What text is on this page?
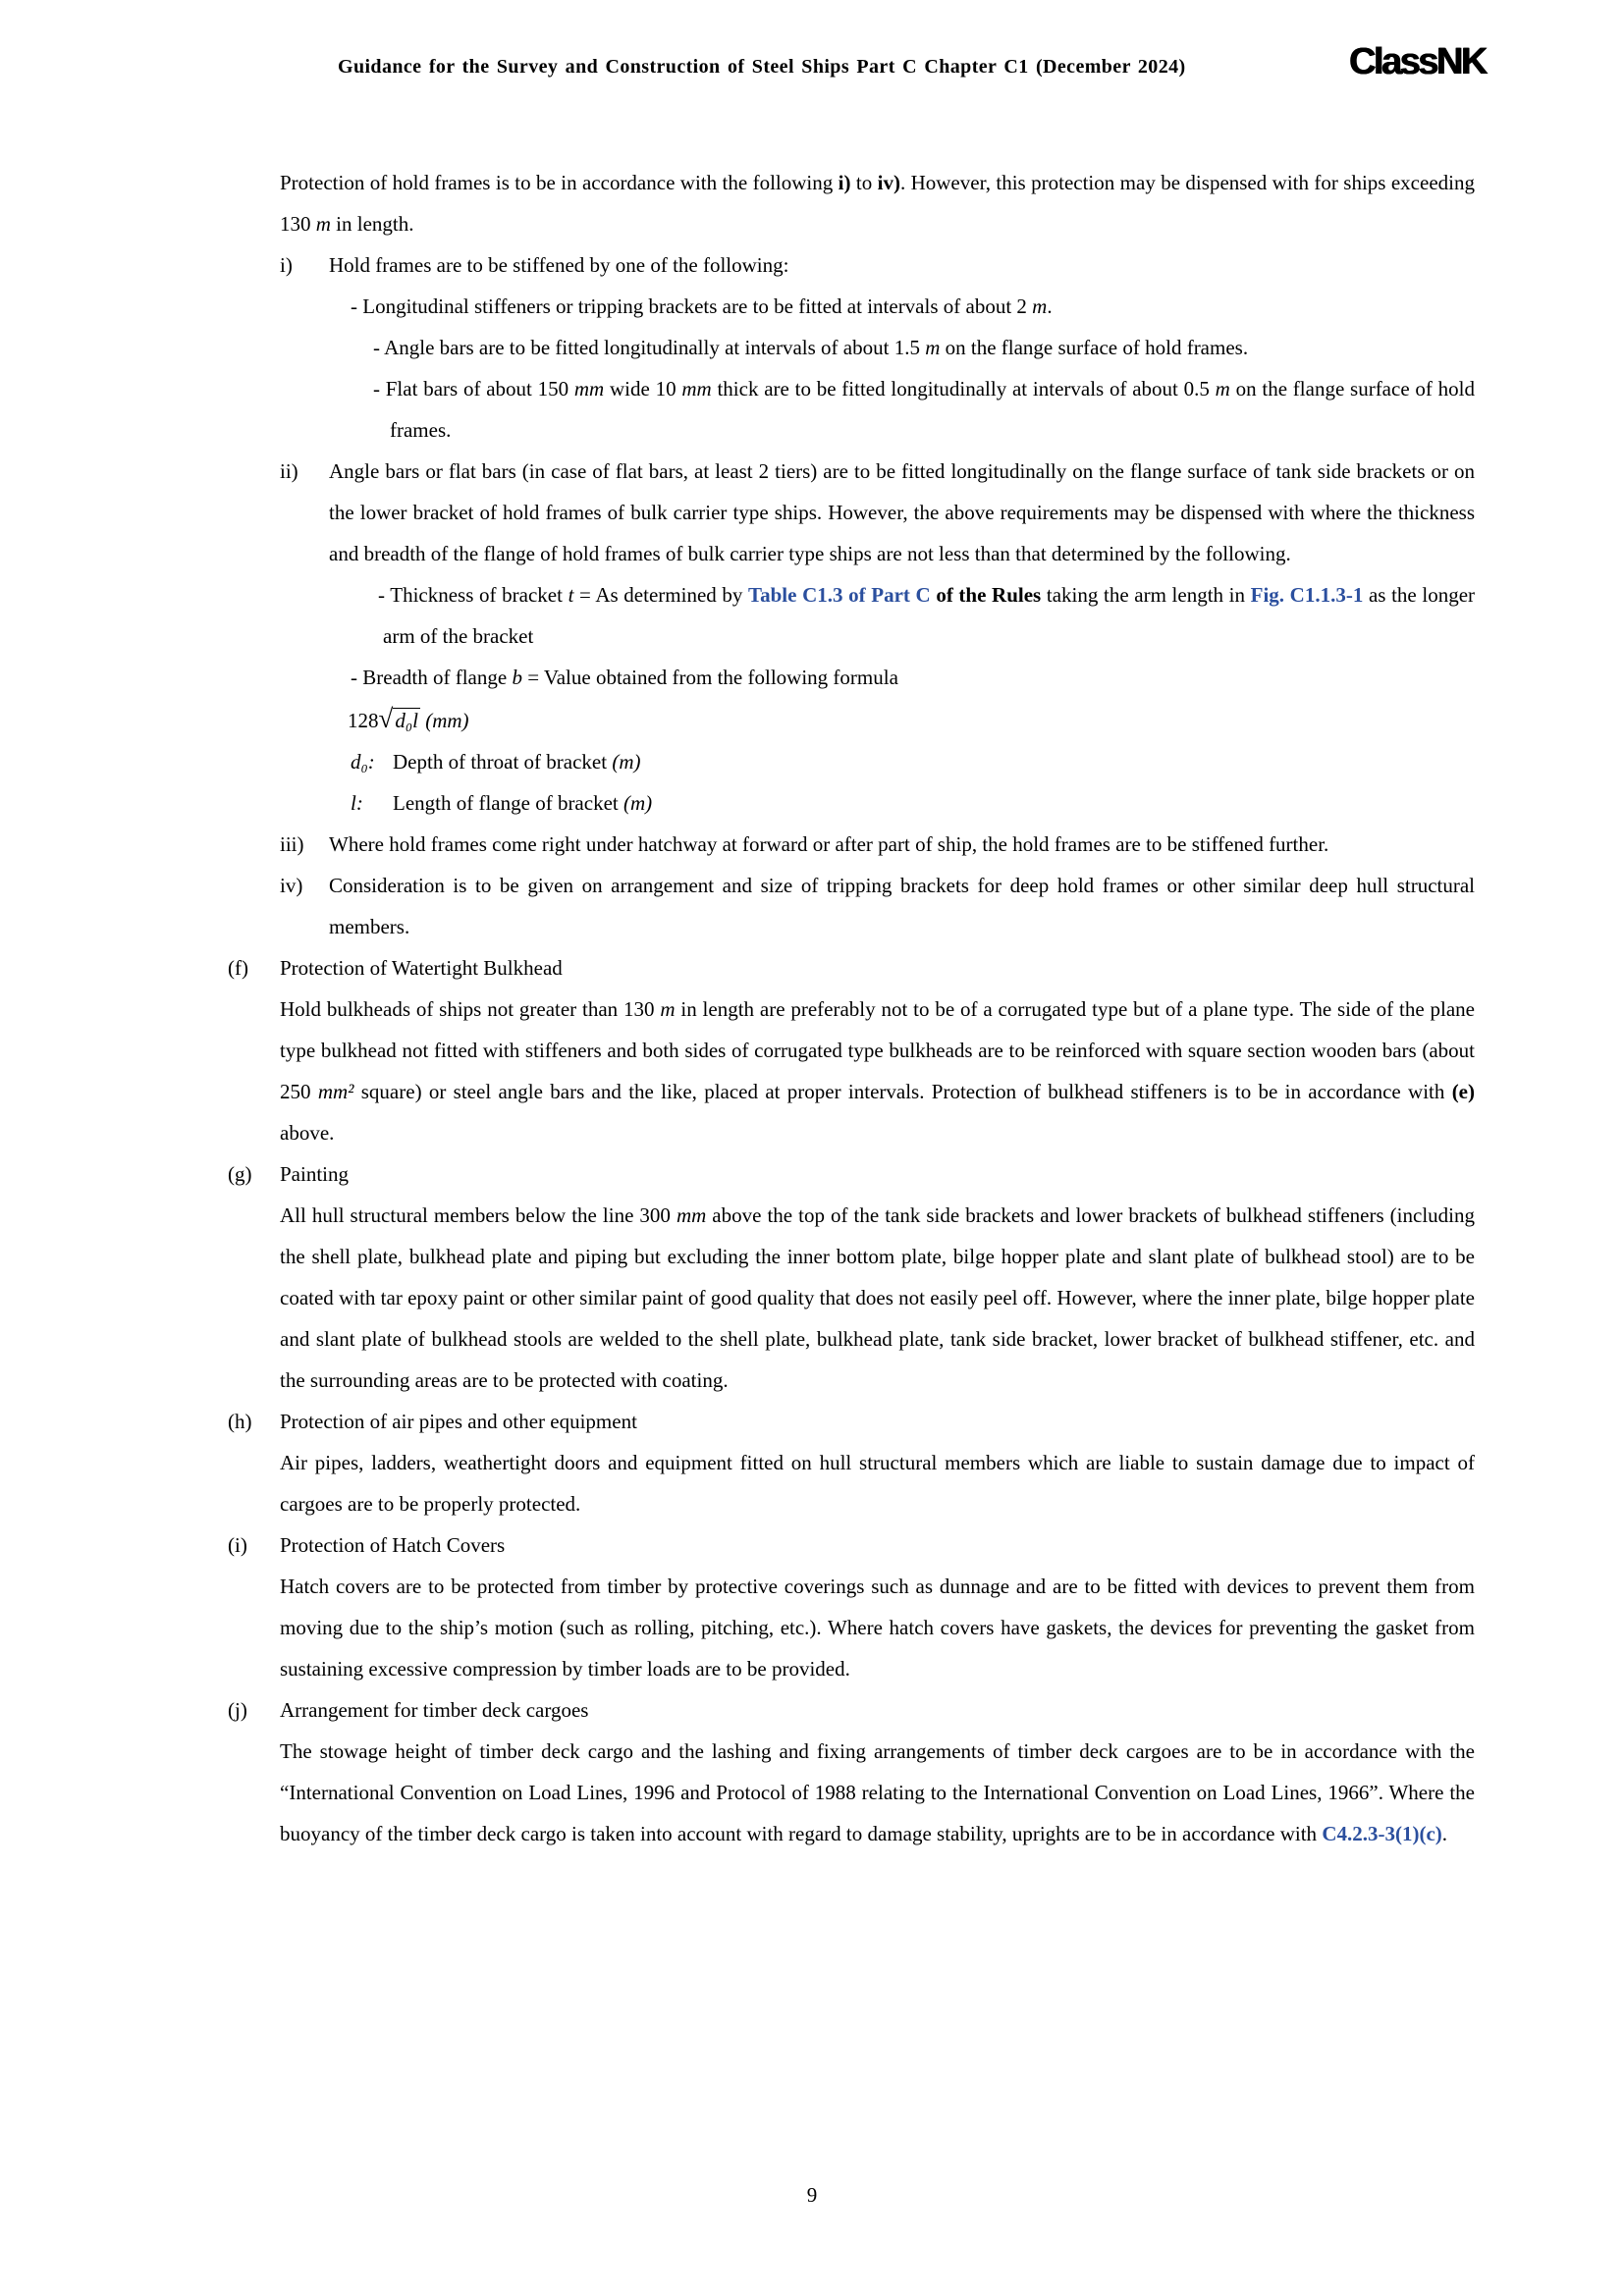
Guidance for the Survey and Construction of Steel Ships Part C Chapter C1 (December 2024)	ClassNK
Protection of hold frames is to be in accordance with the following i) to iv). However, this protection may be dispensed with for ships exceeding 130 m in length.
i) Hold frames are to be stiffened by one of the following:
- Longitudinal stiffeners or tripping brackets are to be fitted at intervals of about 2 m.
- Angle bars are to be fitted longitudinally at intervals of about 1.5 m on the flange surface of hold frames.
- Flat bars of about 150 mm wide 10 mm thick are to be fitted longitudinally at intervals of about 0.5 m on the flange surface of hold frames.
ii) Angle bars or flat bars (in case of flat bars, at least 2 tiers) are to be fitted longitudinally on the flange surface of tank side brackets or on the lower bracket of hold frames of bulk carrier type ships. However, the above requirements may be dispensed with where the thickness and breadth of the flange of hold frames of bulk carrier type ships are not less than that determined by the following.
- Thickness of bracket t = As determined by Table C1.3 of Part C of the Rules taking the arm length in Fig. C1.1.3-1 as the longer arm of the bracket
- Breadth of flange b = Value obtained from the following formula
128√d₀l (mm)
d₀: Depth of throat of bracket (m)
l: Length of flange of bracket (m)
iii) Where hold frames come right under hatchway at forward or after part of ship, the hold frames are to be stiffened further.
iv) Consideration is to be given on arrangement and size of tripping brackets for deep hold frames or other similar deep hull structural members.
(f) Protection of Watertight Bulkhead
Hold bulkheads of ships not greater than 130 m in length are preferably not to be of a corrugated type but of a plane type. The side of the plane type bulkhead not fitted with stiffeners and both sides of corrugated type bulkheads are to be reinforced with square section wooden bars (about 250 mm² square) or steel angle bars and the like, placed at proper intervals. Protection of bulkhead stiffeners is to be in accordance with (e) above.
(g) Painting
All hull structural members below the line 300 mm above the top of the tank side brackets and lower brackets of bulkhead stiffeners (including the shell plate, bulkhead plate and piping but excluding the inner bottom plate, bilge hopper plate and slant plate of bulkhead stool) are to be coated with tar epoxy paint or other similar paint of good quality that does not easily peel off. However, where the inner plate, bilge hopper plate and slant plate of bulkhead stools are welded to the shell plate, bulkhead plate, tank side bracket, lower bracket of bulkhead stiffener, etc. and the surrounding areas are to be protected with coating.
(h) Protection of air pipes and other equipment
Air pipes, ladders, weathertight doors and equipment fitted on hull structural members which are liable to sustain damage due to impact of cargoes are to be properly protected.
(i) Protection of Hatch Covers
Hatch covers are to be protected from timber by protective coverings such as dunnage and are to be fitted with devices to prevent them from moving due to the ship’s motion (such as rolling, pitching, etc.). Where hatch covers have gaskets, the devices for preventing the gasket from sustaining excessive compression by timber loads are to be provided.
(j) Arrangement for timber deck cargoes
The stowage height of timber deck cargo and the lashing and fixing arrangements of timber deck cargoes are to be in accordance with the “International Convention on Load Lines, 1996 and Protocol of 1988 relating to the International Convention on Load Lines, 1966”. Where the buoyancy of the timber deck cargo is taken into account with regard to damage stability, uprights are to be in accordance with C4.2.3-3(1)(c).
9
